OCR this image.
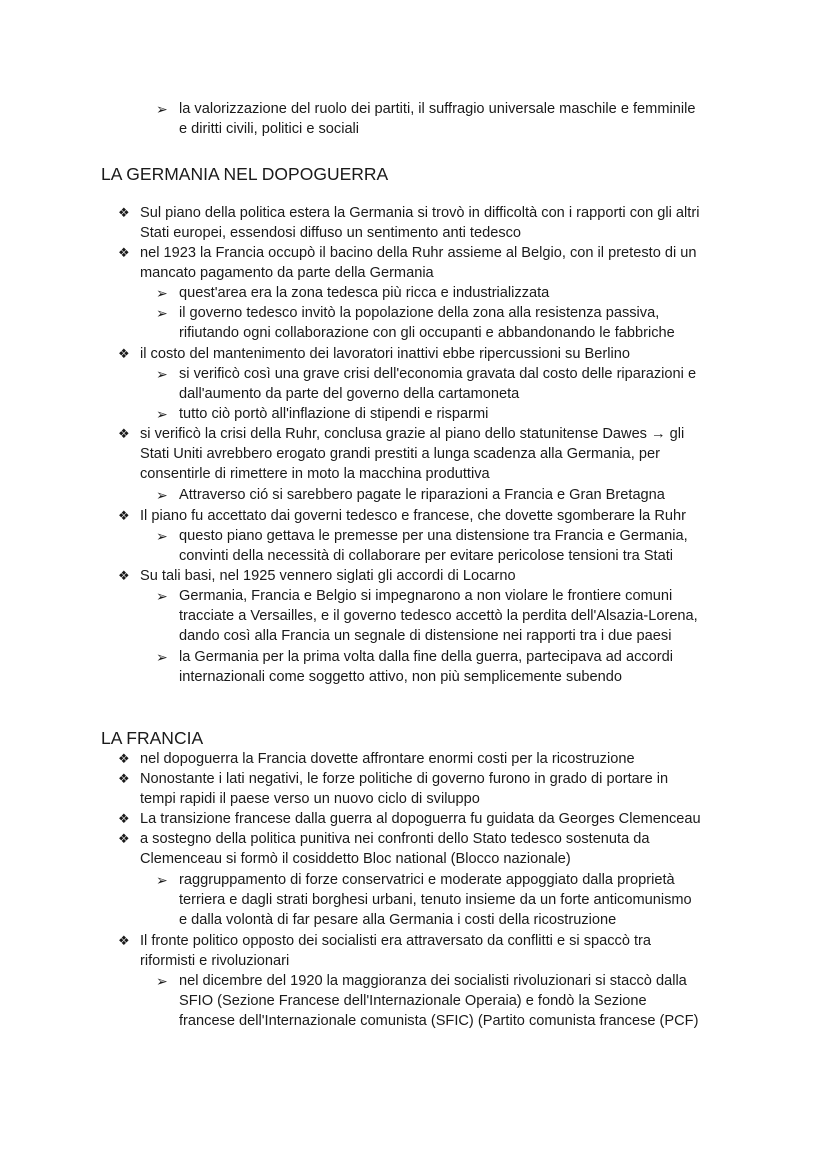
➢ la valorizzazione del ruolo dei partiti, il suffragio universale maschile e femminile
e diritti civili, politici e sociali
LA GERMANIA NEL DOPOGUERRA
❖ Sul piano della politica estera la Germania si trovò in difficoltà con i rapporti con gli altri
Stati europei, essendosi diffuso un sentimento anti tedesco
❖ nel 1923 la Francia occupò il bacino della Ruhr assieme al Belgio, con il pretesto di un
mancato pagamento da parte della Germania
➢ quest'area era la zona tedesca più ricca e industrializzata
➢ il governo tedesco invitò la popolazione della zona alla resistenza passiva,
rifiutando ogni collaborazione con gli occupanti e abbandonando le fabbriche
❖ il costo del mantenimento dei lavoratori inattivi ebbe ripercussioni su Berlino
➢ si verificò così una grave crisi dell'economia gravata dal costo delle riparazioni e
dall'aumento da parte del governo della cartamoneta
➢ tutto ciò portò all'inflazione di stipendi e risparmi
❖ si verificò la crisi della Ruhr, conclusa grazie al piano dello statunitense Dawes → gli
Stati Uniti avrebbero erogato grandi prestiti a lunga scadenza alla Germania, per
consentirle di rimettere in moto la macchina produttiva
➢ Attraverso ció si sarebbero pagate le riparazioni a Francia e Gran Bretagna
❖ Il piano fu accettato dai governi tedesco e francese, che dovette sgomberare la Ruhr
➢ questo piano gettava le premesse per una distensione tra Francia e Germania,
convinti della necessità di collaborare per evitare pericolose tensioni tra Stati
❖ Su tali basi, nel 1925 vennero siglati gli accordi di Locarno
➢ Germania, Francia e Belgio si impegnarono a non violare le frontiere comuni
tracciate a Versailles, e il governo tedesco accettò la perdita dell'Alsazia-Lorena,
dando così alla Francia un segnale di distensione nei rapporti tra i due paesi
➢ la Germania per la prima volta dalla fine della guerra, partecipava ad accordi
internazionali come soggetto attivo, non più semplicemente subendo
LA FRANCIA
❖ nel dopoguerra la Francia dovette affrontare enormi costi per la ricostruzione
❖ Nonostante i lati negativi, le forze politiche di governo furono in grado di portare in
tempi rapidi il paese verso un nuovo ciclo di sviluppo
❖ La transizione francese dalla guerra al dopoguerra fu guidata da Georges Clemenceau
❖ a sostegno della politica punitiva nei confronti dello Stato tedesco sostenuta da
Clemenceau si formò il cosiddetto Bloc national (Blocco nazionale)
➢ raggruppamento di forze conservatrici e moderate appoggiato dalla proprietà
terriera e dagli strati borghesi urbani, tenuto insieme da un forte anticomunismo
e dalla volontà di far pesare alla Germania i costi della ricostruzione
❖ Il fronte politico opposto dei socialisti era attraversato da conflitti e si spaccò tra
riformisti e rivoluzionari
➢ nel dicembre del 1920 la maggioranza dei socialisti rivoluzionari si staccò dalla
SFIO (Sezione Francese dell'Internazionale Operaia) e fondò la Sezione
francese dell'Internazionale comunista (SFIC) (Partito comunista francese (PCF)
